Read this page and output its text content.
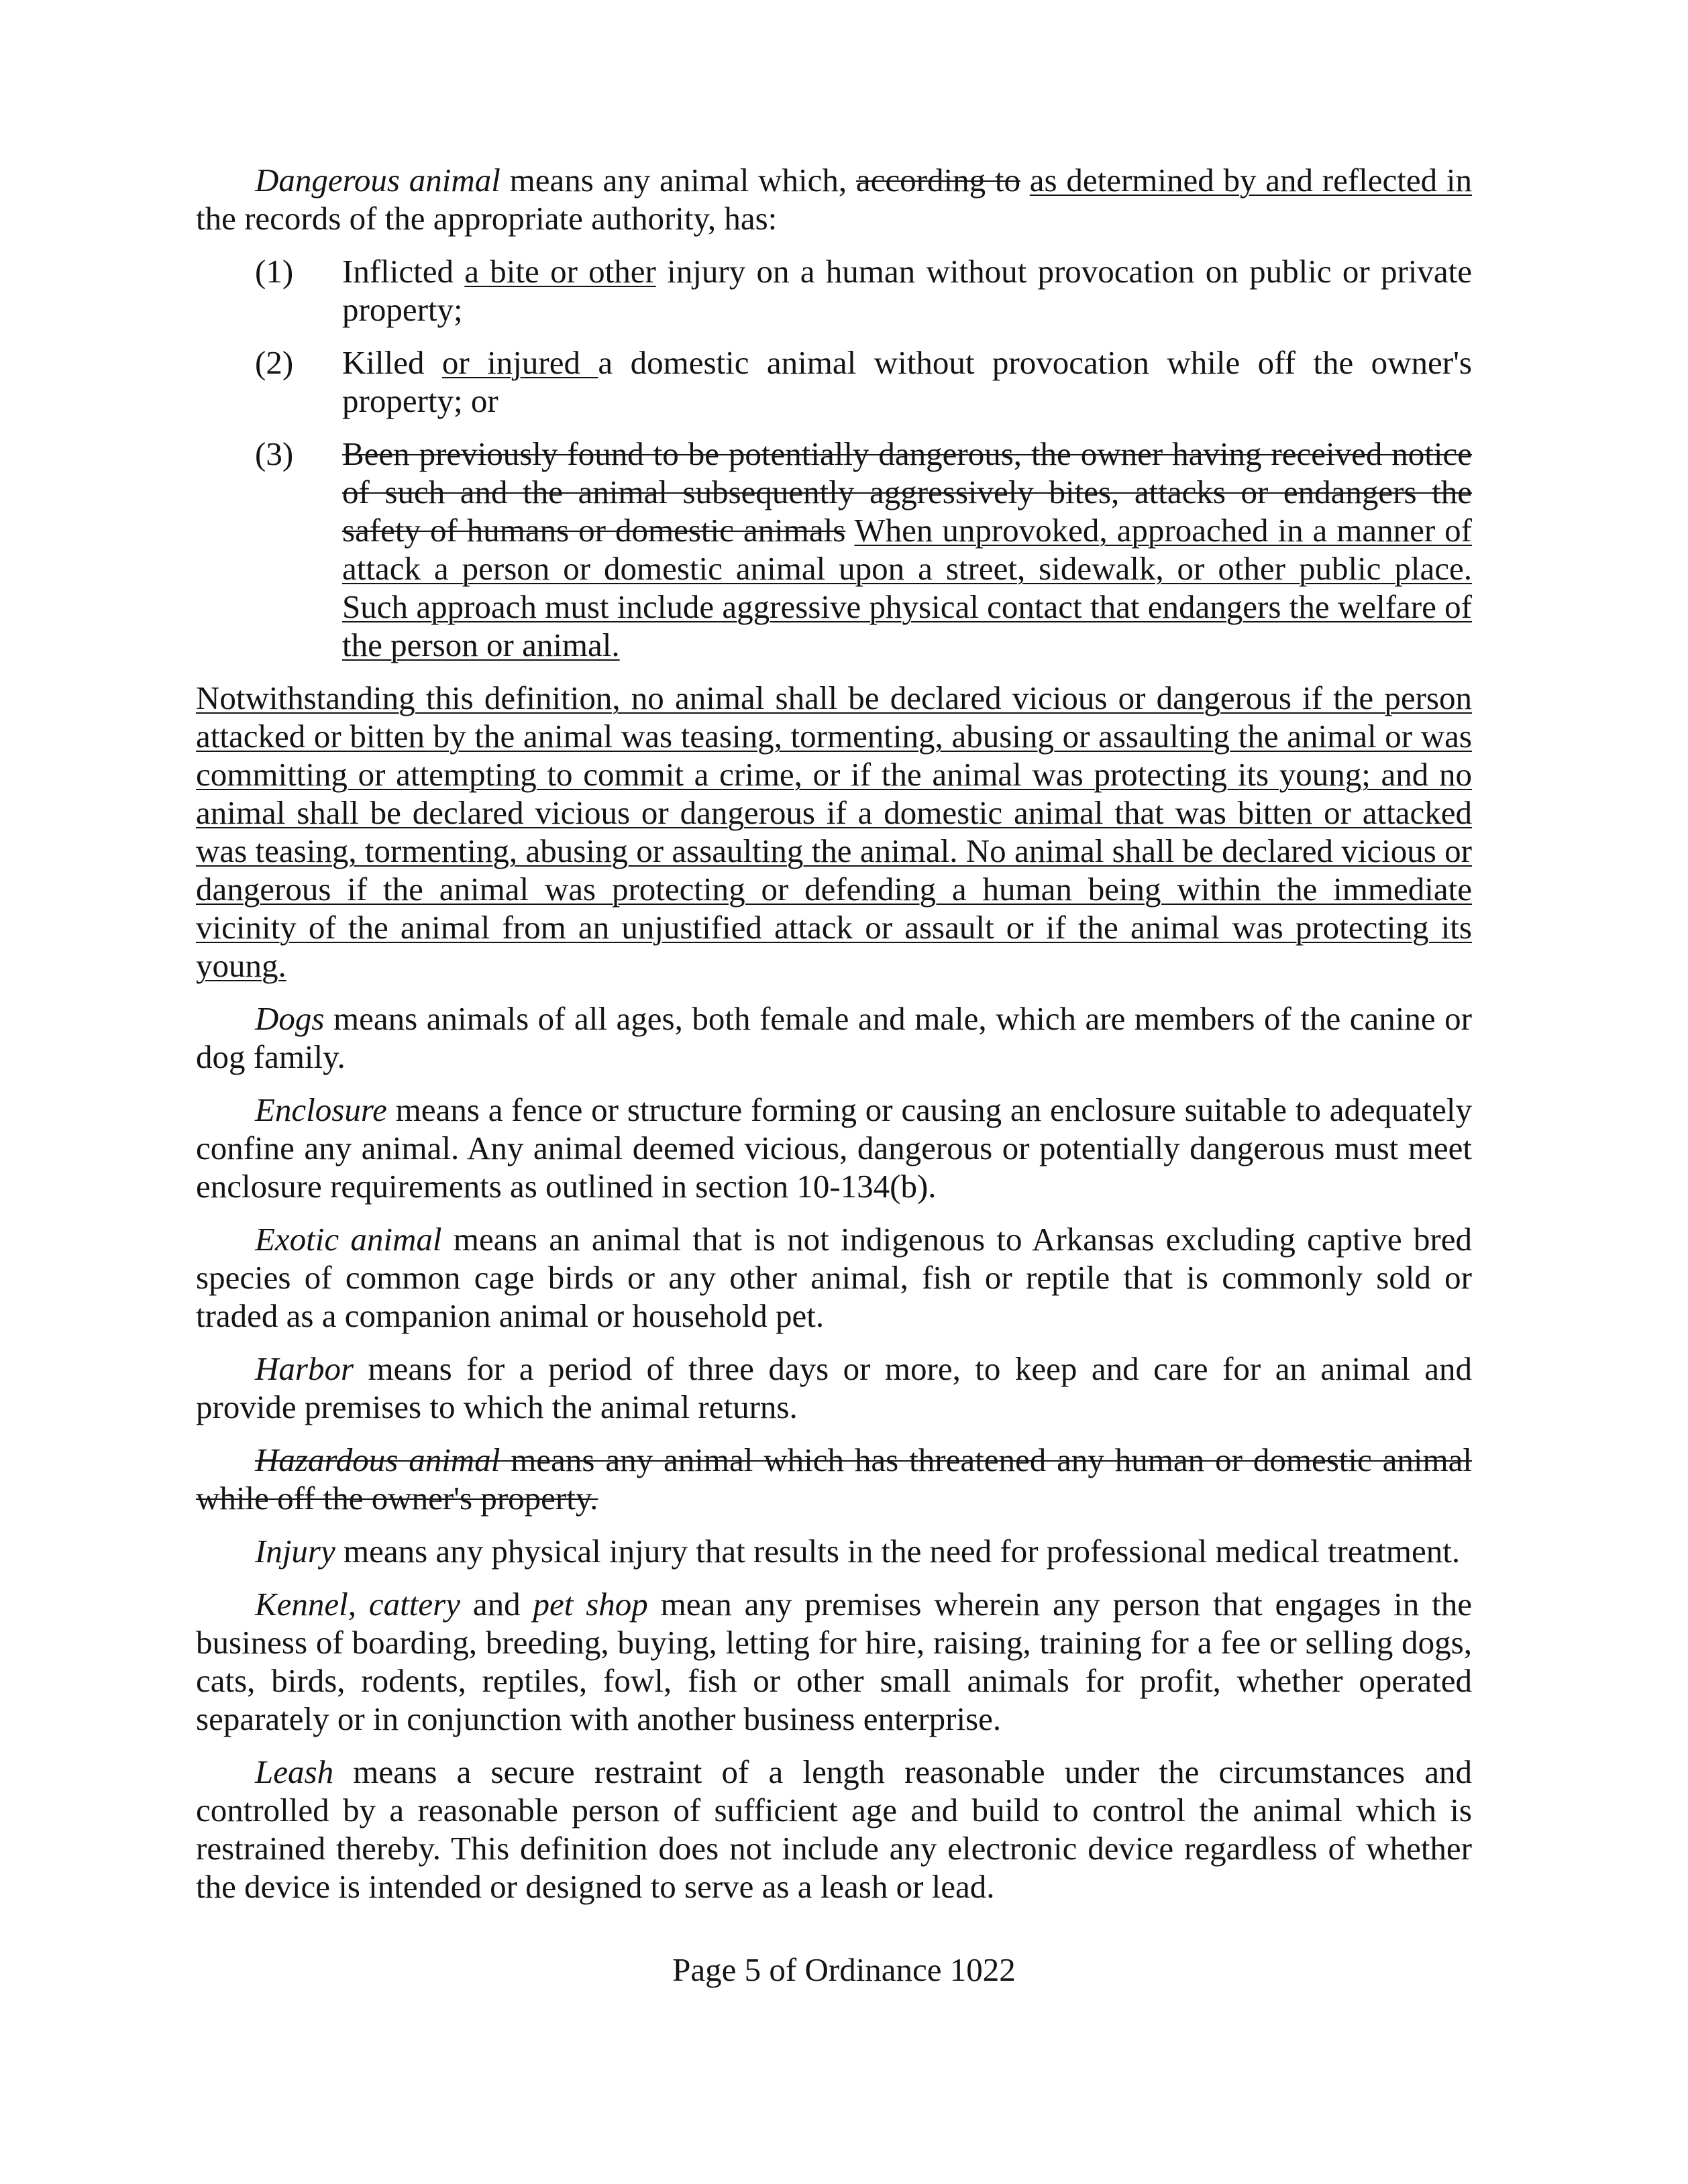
Dangerous animal means any animal which, according to as determined by and reflected in the records of the appropriate authority, has:

(1)	Inflicted a bite or other injury on a human without provocation on public or private property;
(2)	Killed or injured a domestic animal without provocation while off the owner's property; or
(3)	Been previously found to be potentially dangerous, the owner having received notice of such and the animal subsequently aggressively bites, attacks or endangers the safety of humans or domestic animals When unprovoked, approached in a manner of attack a person or domestic animal upon a street, sidewalk, or other public place. Such approach must include aggressive physical contact that endangers the welfare of the person or animal.

Notwithstanding this definition, no animal shall be declared vicious or dangerous if the person attacked or bitten by the animal was teasing, tormenting, abusing or assaulting the animal or was committing or attempting to commit a crime, or if the animal was protecting its young; and no animal shall be declared vicious or dangerous if a domestic animal that was bitten or attacked was teasing, tormenting, abusing or assaulting the animal. No animal shall be declared vicious or dangerous if the animal was protecting or defending a human being within the immediate vicinity of the animal from an unjustified attack or assault or if the animal was protecting its young.

Dogs means animals of all ages, both female and male, which are members of the canine or dog family.

Enclosure means a fence or structure forming or causing an enclosure suitable to adequately confine any animal. Any animal deemed vicious, dangerous or potentially dangerous must meet enclosure requirements as outlined in section 10-134(b).

Exotic animal means an animal that is not indigenous to Arkansas excluding captive bred species of common cage birds or any other animal, fish or reptile that is commonly sold or traded as a companion animal or household pet.

Harbor means for a period of three days or more, to keep and care for an animal and provide premises to which the animal returns.

Hazardous animal means any animal which has threatened any human or domestic animal while off the owner's property.

Injury means any physical injury that results in the need for professional medical treatment.

Kennel, cattery and pet shop mean any premises wherein any person that engages in the business of boarding, breeding, buying, letting for hire, raising, training for a fee or selling dogs, cats, birds, rodents, reptiles, fowl, fish or other small animals for profit, whether operated separately or in conjunction with another business enterprise.

Leash means a secure restraint of a length reasonable under the circumstances and controlled by a reasonable person of sufficient age and build to control the animal which is restrained thereby. This definition does not include any electronic device regardless of whether the device is intended or designed to serve as a leash or lead.

Page 5 of Ordinance 1022
